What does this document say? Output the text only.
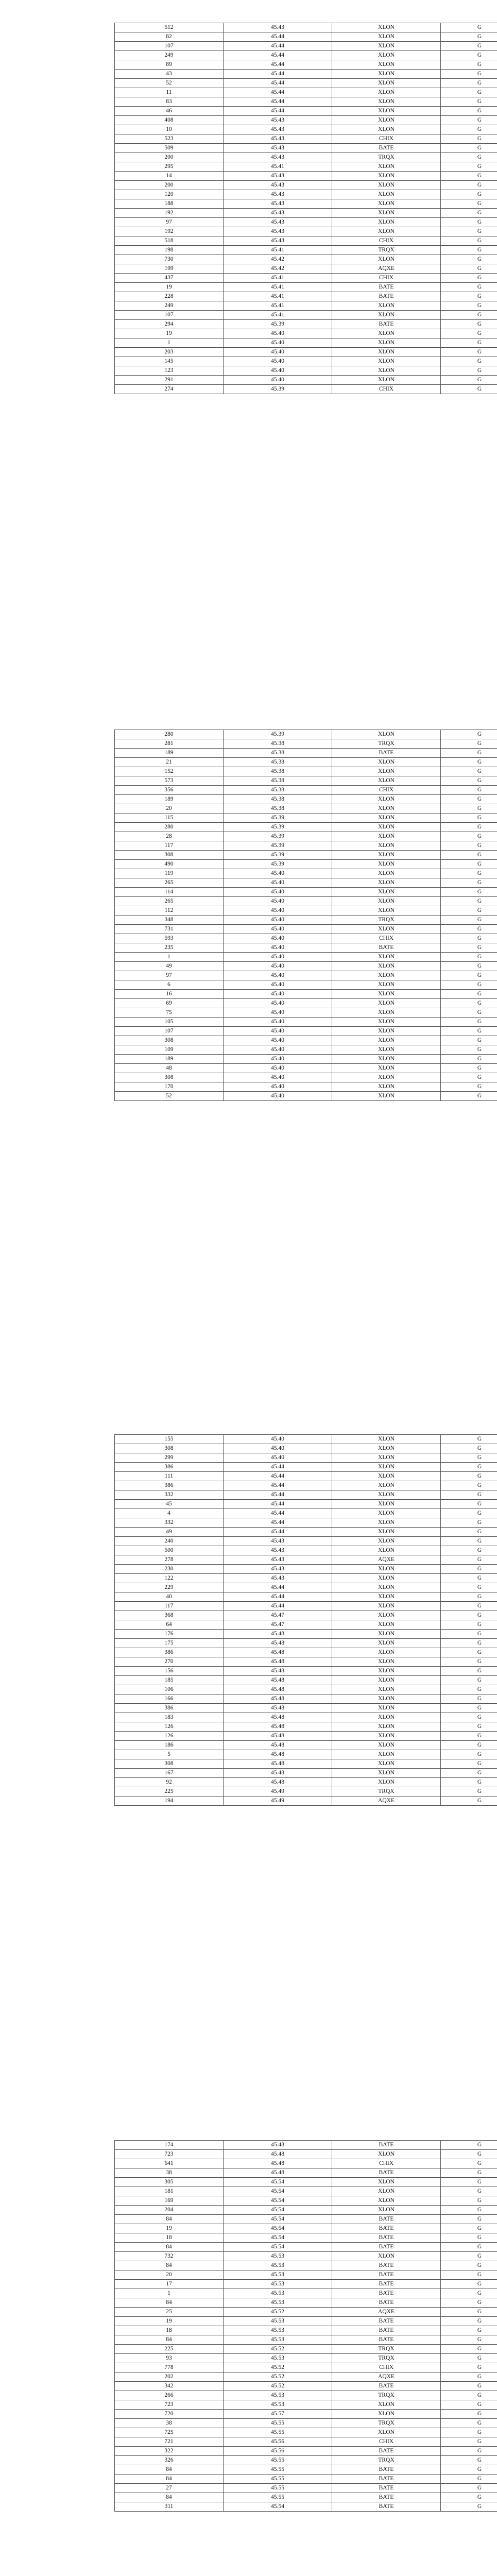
512	45.43	XLON	G
82	45.44	XLON	G
107	45.44	XLON	G
249	45.44	XLON	G
89	45.44	XLON	G
43	45.44	XLON	G
52	45.44	XLON	G
11	45.44	XLON	G
83	45.44	XLON	G
46	45.44	XLON	G
408	45.43	XLON	G
10	45.43	XLON	G
523	45.43	CHIX	G
509	45.43	BATE	G
200	45.43	TRQX	G
295	45.41	XLON	G
14	45.43	XLON	G
200	45.43	XLON	G
120	45.43	XLON	G
188	45.43	XLON	G
192	45.43	XLON	G
97	45.43	XLON	G
192	45.43	XLON	G
518	45.43	CHIX	G
198	45.41	TRQX	G
730	45.42	XLON	G
199	45.42	AQXE	G
437	45.41	CHIX	G
19	45.41	BATE	G
228	45.41	BATE	G
249	45.41	XLON	G
107	45.41	XLON	G
294	45.39	BATE	G
19	45.40	XLON	G
1	45.40	XLON	G
203	45.40	XLON	G
145	45.40	XLON	G
123	45.40	XLON	G
291	45.40	XLON	G
274	45.39	CHIX	G
280	45.39	XLON	G
281	45.38	TRQX	G
189	45.38	BATE	G
21	45.38	XLON	G
152	45.38	XLON	G
573	45.38	XLON	G
356	45.38	CHIX	G
189	45.38	XLON	G
20	45.38	XLON	G
115	45.39	XLON	G
280	45.39	XLON	G
28	45.39	XLON	G
117	45.39	XLON	G
308	45.39	XLON	G
490	45.39	XLON	G
119	45.40	XLON	G
265	45.40	XLON	G
114	45.40	XLON	G
265	45.40	XLON	G
112	45.40	XLON	G
348	45.40	TRQX	G
731	45.40	XLON	G
593	45.40	CHIX	G
235	45.40	BATE	G
1	45.40	XLON	G
49	45.40	XLON	G
97	45.40	XLON	G
6	45.40	XLON	G
16	45.40	XLON	G
69	45.40	XLON	G
75	45.40	XLON	G
105	45.40	XLON	G
107	45.40	XLON	G
308	45.40	XLON	G
109	45.40	XLON	G
189	45.40	XLON	G
48	45.40	XLON	G
308	45.40	XLON	G
170	45.40	XLON	G
52	45.40	XLON	G
155	45.40	XLON	G
308	45.40	XLON	G
299	45.40	XLON	G
386	45.44	XLON	G
111	45.44	XLON	G
386	45.44	XLON	G
332	45.44	XLON	G
45	45.44	XLON	G
4	45.44	XLON	G
332	45.44	XLON	G
49	45.44	XLON	G
240	45.43	XLON	G
500	45.43	XLON	G
278	45.43	AQXE	G
230	45.43	XLON	G
122	45.43	XLON	G
229	45.44	XLON	G
40	45.44	XLON	G
117	45.44	XLON	G
368	45.47	XLON	G
64	45.47	XLON	G
176	45.48	XLON	G
175	45.48	XLON	G
386	45.48	XLON	G
270	45.48	XLON	G
156	45.48	XLON	G
185	45.48	XLON	G
106	45.48	XLON	G
166	45.48	XLON	G
386	45.48	XLON	G
183	45.48	XLON	G
126	45.48	XLON	G
126	45.48	XLON	G
186	45.48	XLON	G
5	45.48	XLON	G
308	45.48	XLON	G
167	45.48	XLON	G
92	45.48	XLON	G
225	45.49	TRQX	G
194	45.49	AQXE	G
174	45.48	BATE	G
723	45.48	XLON	G
641	45.48	CHIX	G
38	45.48	BATE	G
305	45.54	XLON	G
181	45.54	XLON	G
169	45.54	XLON	G
204	45.54	XLON	G
84	45.54	BATE	G
19	45.54	BATE	G
18	45.54	BATE	G
84	45.54	BATE	G
732	45.53	XLON	G
84	45.53	BATE	G
20	45.53	BATE	G
17	45.53	BATE	G
1	45.53	BATE	G
84	45.53	BATE	G
25	45.52	AQXE	G
19	45.53	BATE	G
18	45.53	BATE	G
84	45.53	BATE	G
225	45.52	TRQX	G
93	45.53	TRQX	G
778	45.52	CHIX	G
202	45.52	AQXE	G
342	45.52	BATE	G
266	45.53	TRQX	G
723	45.53	XLON	G
720	45.57	XLON	G
38	45.55	TRQX	G
725	45.55	XLON	G
721	45.56	CHIX	G
322	45.56	BATE	G
326	45.55	TRQX	G
84	45.55	BATE	G
84	45.55	BATE	G
27	45.55	BATE	G
84	45.55	BATE	G
311	45.54	BATE	G
